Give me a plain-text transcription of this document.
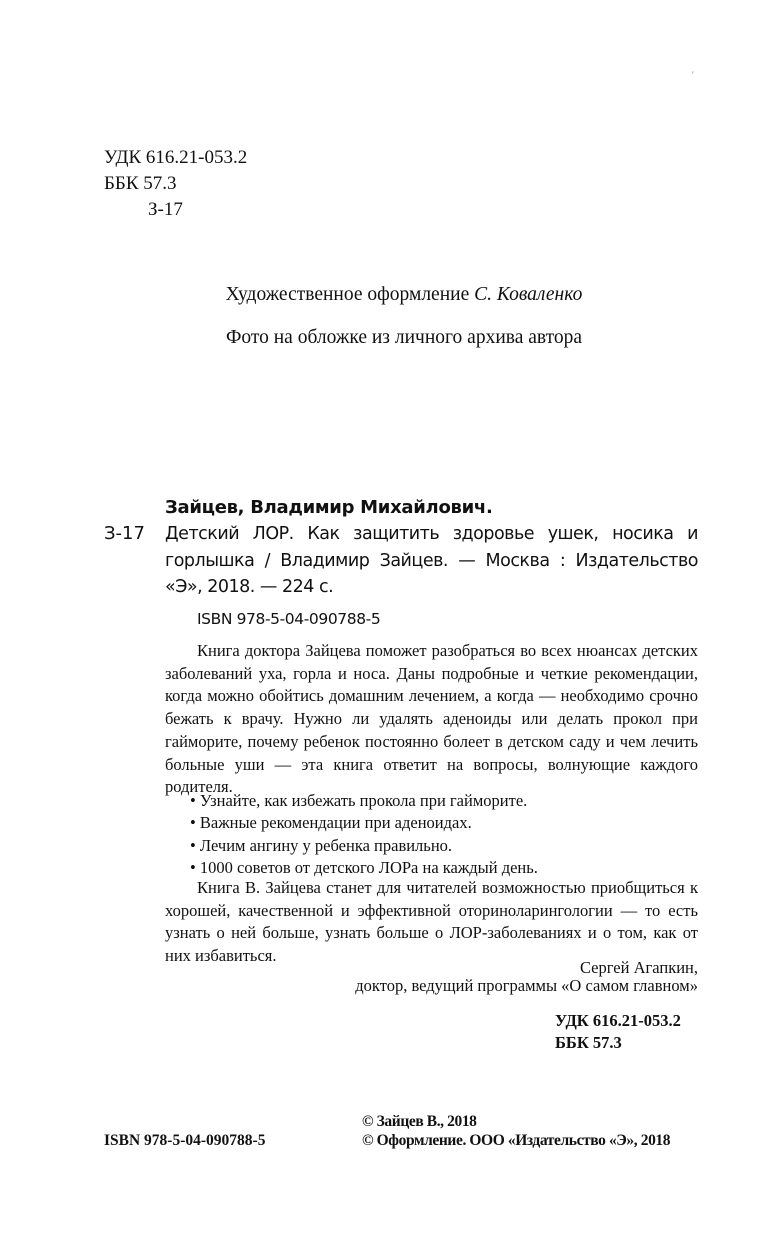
'
УДК 616.21-053.2
ББК 57.3
З-17
Художественное оформление С. Коваленко
Фото на обложке из личного архива автора
Зайцев, Владимир Михайлович.
З-17 Детский ЛОР. Как защитить здоровье ушек, носика и горлышка / Владимир Зайцев. — Москва : Издательство «Э», 2018. — 224 с.

ISBN 978-5-04-090788-5

Книга доктора Зайцева поможет разобраться во всех нюансах детских заболеваний уха, горла и носа. Даны подробные и четкие рекомендации, когда можно обойтись домашним лечением, а когда — необходимо срочно бежать к врачу. Нужно ли удалять аденоиды или делать прокол при гайморите, почему ребенок постоянно болеет в детском саду и чем лечить больные уши — эта книга ответит на вопросы, волнующие каждого родителя.

• Узнайте, как избежать прокола при гайморите.
• Важные рекомендации при аденоидах.
• Лечим ангину у ребенка правильно.
• 1000 советов от детского ЛОРа на каждый день.

Книга В. Зайцева станет для читателей возможностью приобщиться к хорошей, качественной и эффективной оториноларингологии — то есть узнать о ней больше, узнать больше о ЛОР-заболеваниях и о том, как от них избавиться.

Сергей Агапкин,
доктор, ведущий программы «О самом главном»
УДК 616.21-053.2
ББК 57.3
ISBN 978-5-04-090788-5
© Зайцев В., 2018
© Оформление. ООО «Издательство «Э», 2018
